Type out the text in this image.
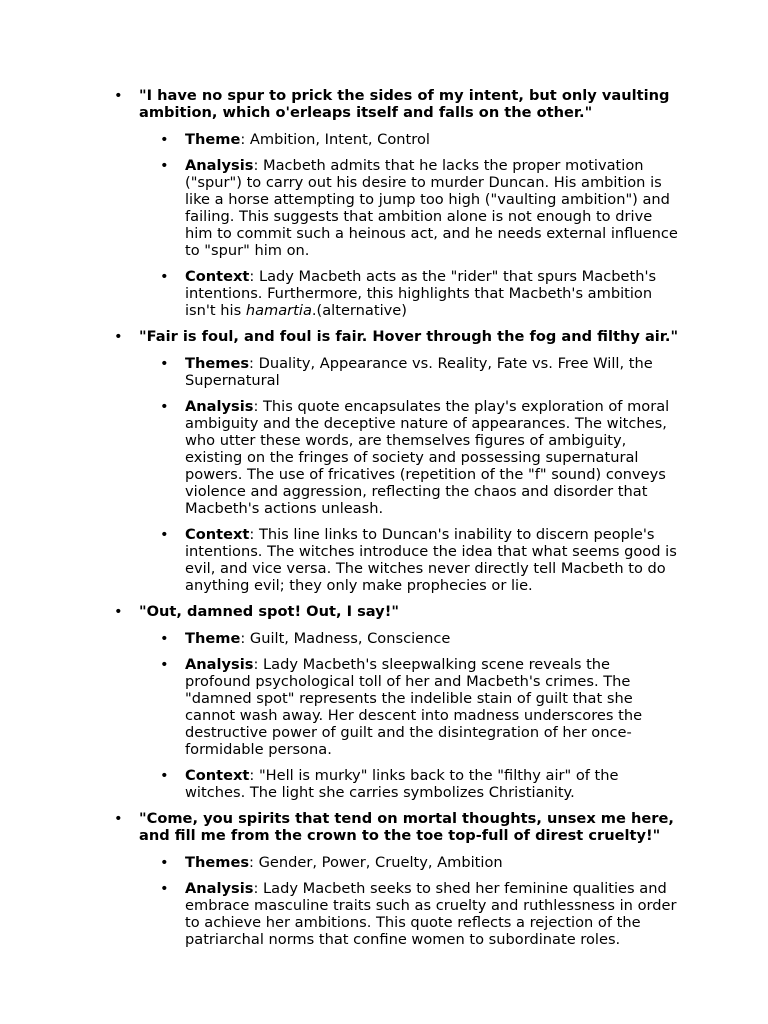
• "I have no spur to prick the sides of my intent, but only vaulting ambition, which o'erleaps itself and falls on the other."
• Theme: Ambition, Intent, Control
• Analysis: Macbeth admits that he lacks the proper motivation ("spur") to carry out his desire to murder Duncan. His ambition is like a horse attempting to jump too high ("vaulting ambition") and failing. This suggests that ambition alone is not enough to drive him to commit such a heinous act, and he needs external influence to "spur" him on.
• Context: Lady Macbeth acts as the "rider" that spurs Macbeth's intentions. Furthermore, this highlights that Macbeth's ambition isn't his hamartia.(alternative)
• "Fair is foul, and foul is fair. Hover through the fog and filthy air."
• Themes: Duality, Appearance vs. Reality, Fate vs. Free Will, the Supernatural
• Analysis: This quote encapsulates the play's exploration of moral ambiguity and the deceptive nature of appearances. The witches, who utter these words, are themselves figures of ambiguity, existing on the fringes of society and possessing supernatural powers. The use of fricatives (repetition of the "f" sound) conveys violence and aggression, reflecting the chaos and disorder that Macbeth's actions unleash.
• Context: This line links to Duncan's inability to discern people's intentions. The witches introduce the idea that what seems good is evil, and vice versa. The witches never directly tell Macbeth to do anything evil; they only make prophecies or lie.
• "Out, damned spot! Out, I say!"
• Theme: Guilt, Madness, Conscience
• Analysis: Lady Macbeth's sleepwalking scene reveals the profound psychological toll of her and Macbeth's crimes. The "damned spot" represents the indelible stain of guilt that she cannot wash away. Her descent into madness underscores the destructive power of guilt and the disintegration of her once-formidable persona.
• Context: "Hell is murky" links back to the "filthy air" of the witches. The light she carries symbolizes Christianity.
• "Come, you spirits that tend on mortal thoughts, unsex me here, and fill me from the crown to the toe top-full of direst cruelty!"
• Themes: Gender, Power, Cruelty, Ambition
• Analysis: Lady Macbeth seeks to shed her feminine qualities and embrace masculine traits such as cruelty and ruthlessness in order to achieve her ambitions. This quote reflects a rejection of the patriarchal norms that confine women to subordinate roles.
